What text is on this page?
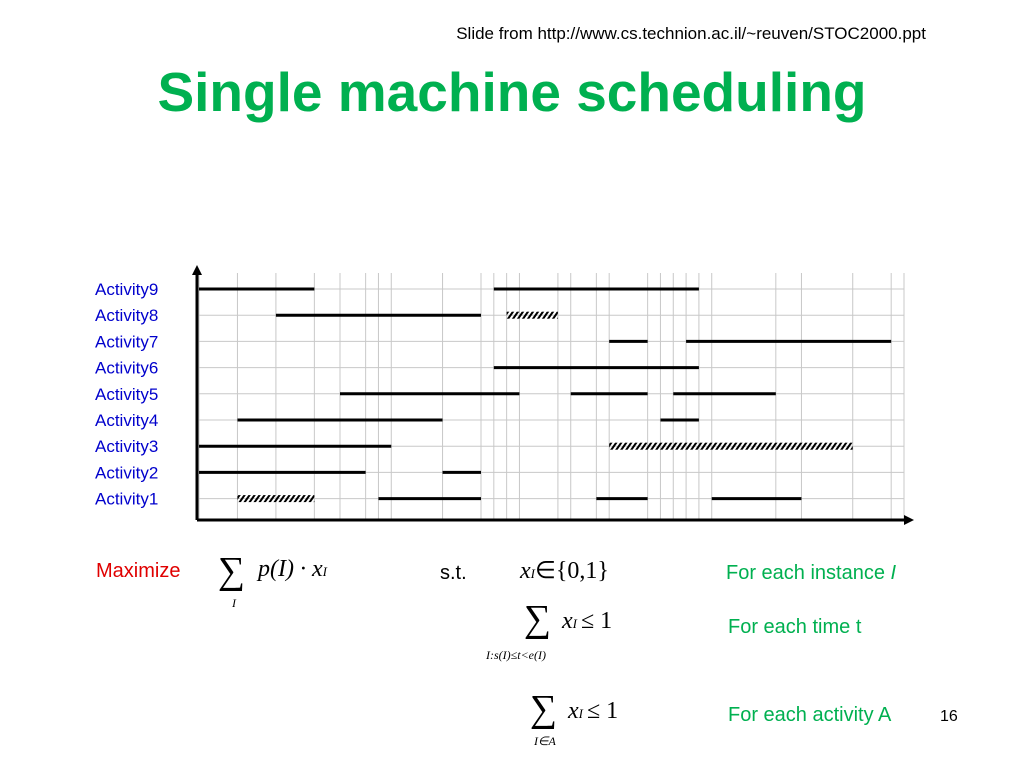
Slide from http://www.cs.technion.ac.il/~reuven/STOC2000.ppt
Single machine scheduling
Activity9
Activity8
Activity7
Activity6
Activity5
Activity4
Activity3
Activity2
Activity1
Maximize ∑ p(I) · xI
I
s.t. xI∈{0,1}	For each instance I
∑ xI ≤ 1
I:s(I)≤t<e(I)
For each time t
∑ xI ≤ 1
I∈A
For each activity A	16
